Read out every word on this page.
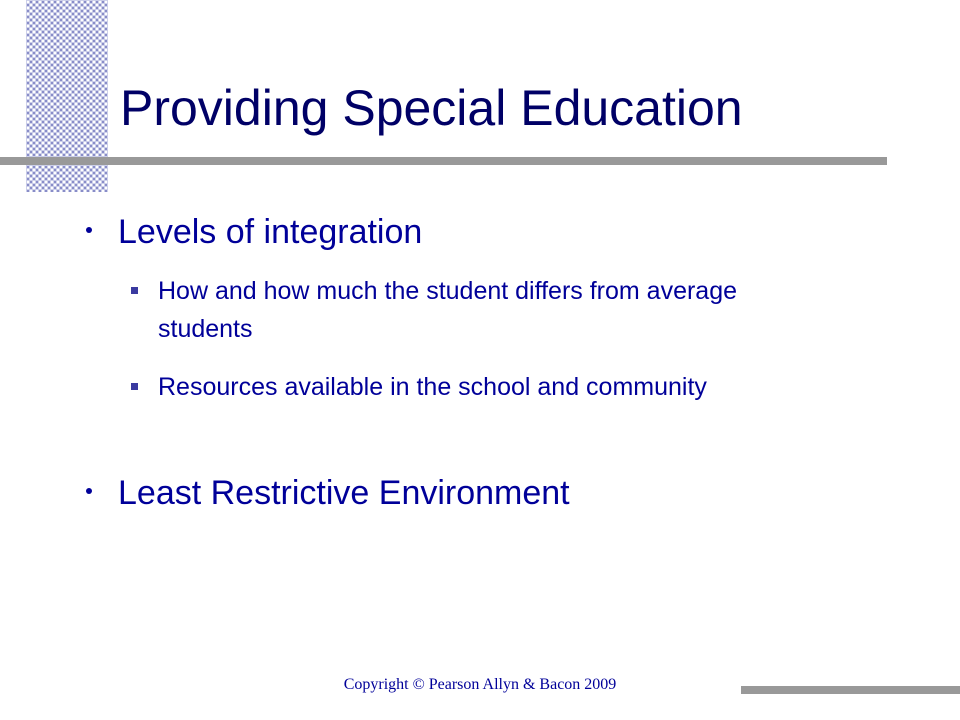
Providing Special Education
Levels of integration
How and how much the student differs from average students
Resources available in the school and community
Least Restrictive Environment
Copyright © Pearson Allyn & Bacon 2009
